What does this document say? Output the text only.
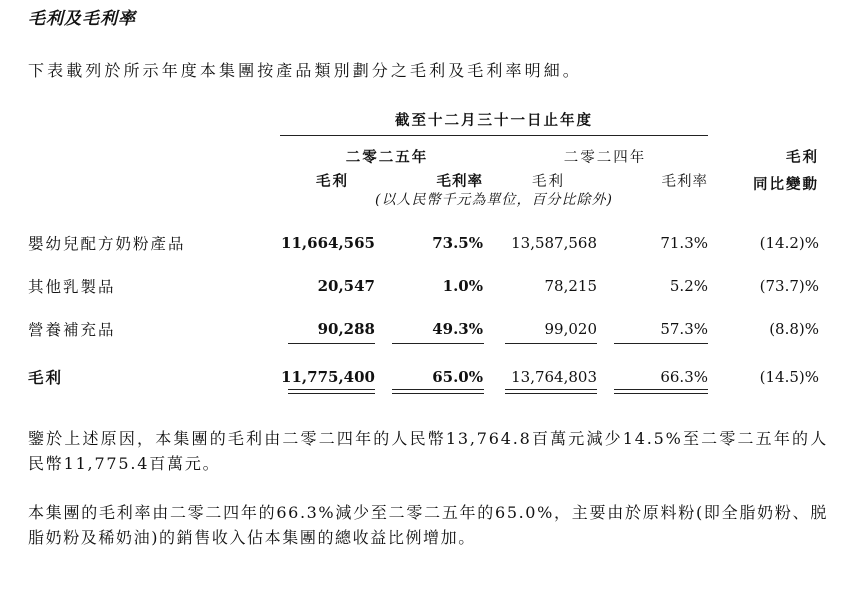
毛利及毛利率
下表載列於所示年度本集團按產品類別劃分之毛利及毛利率明細。
截至十二月三十一日止年度
二零二五年	二零二四年	毛利
毛利	毛利率	毛利	毛利率	同比變動
(以人民幣千元為單位，百分比除外)
嬰幼兒配方奶粉產品	11,664,565	73.5% 13,587,568	71.3%	(14.2)%
其他乳製品	20,547	1.0%	78,215	5.2%	(73.7)%
營養補充品	90,288	49.3%	99,020	57.3%	(8.8)%
毛利	11,775,400	65.0% 13,764,803	66.3%	(14.5)%
鑒於上述原因，本集團的毛利由二零二四年的人民幣13,764.8百萬元減少14.5%至二零二五年的人民幣11,775.4百萬元。
本集團的毛利率由二零二四年的66.3%減少至二零二五年的65.0%，主要由於原料粉(即全脂奶粉、脱脂奶粉及稀奶油)的銷售收入佔本集團的總收益比例增加。
